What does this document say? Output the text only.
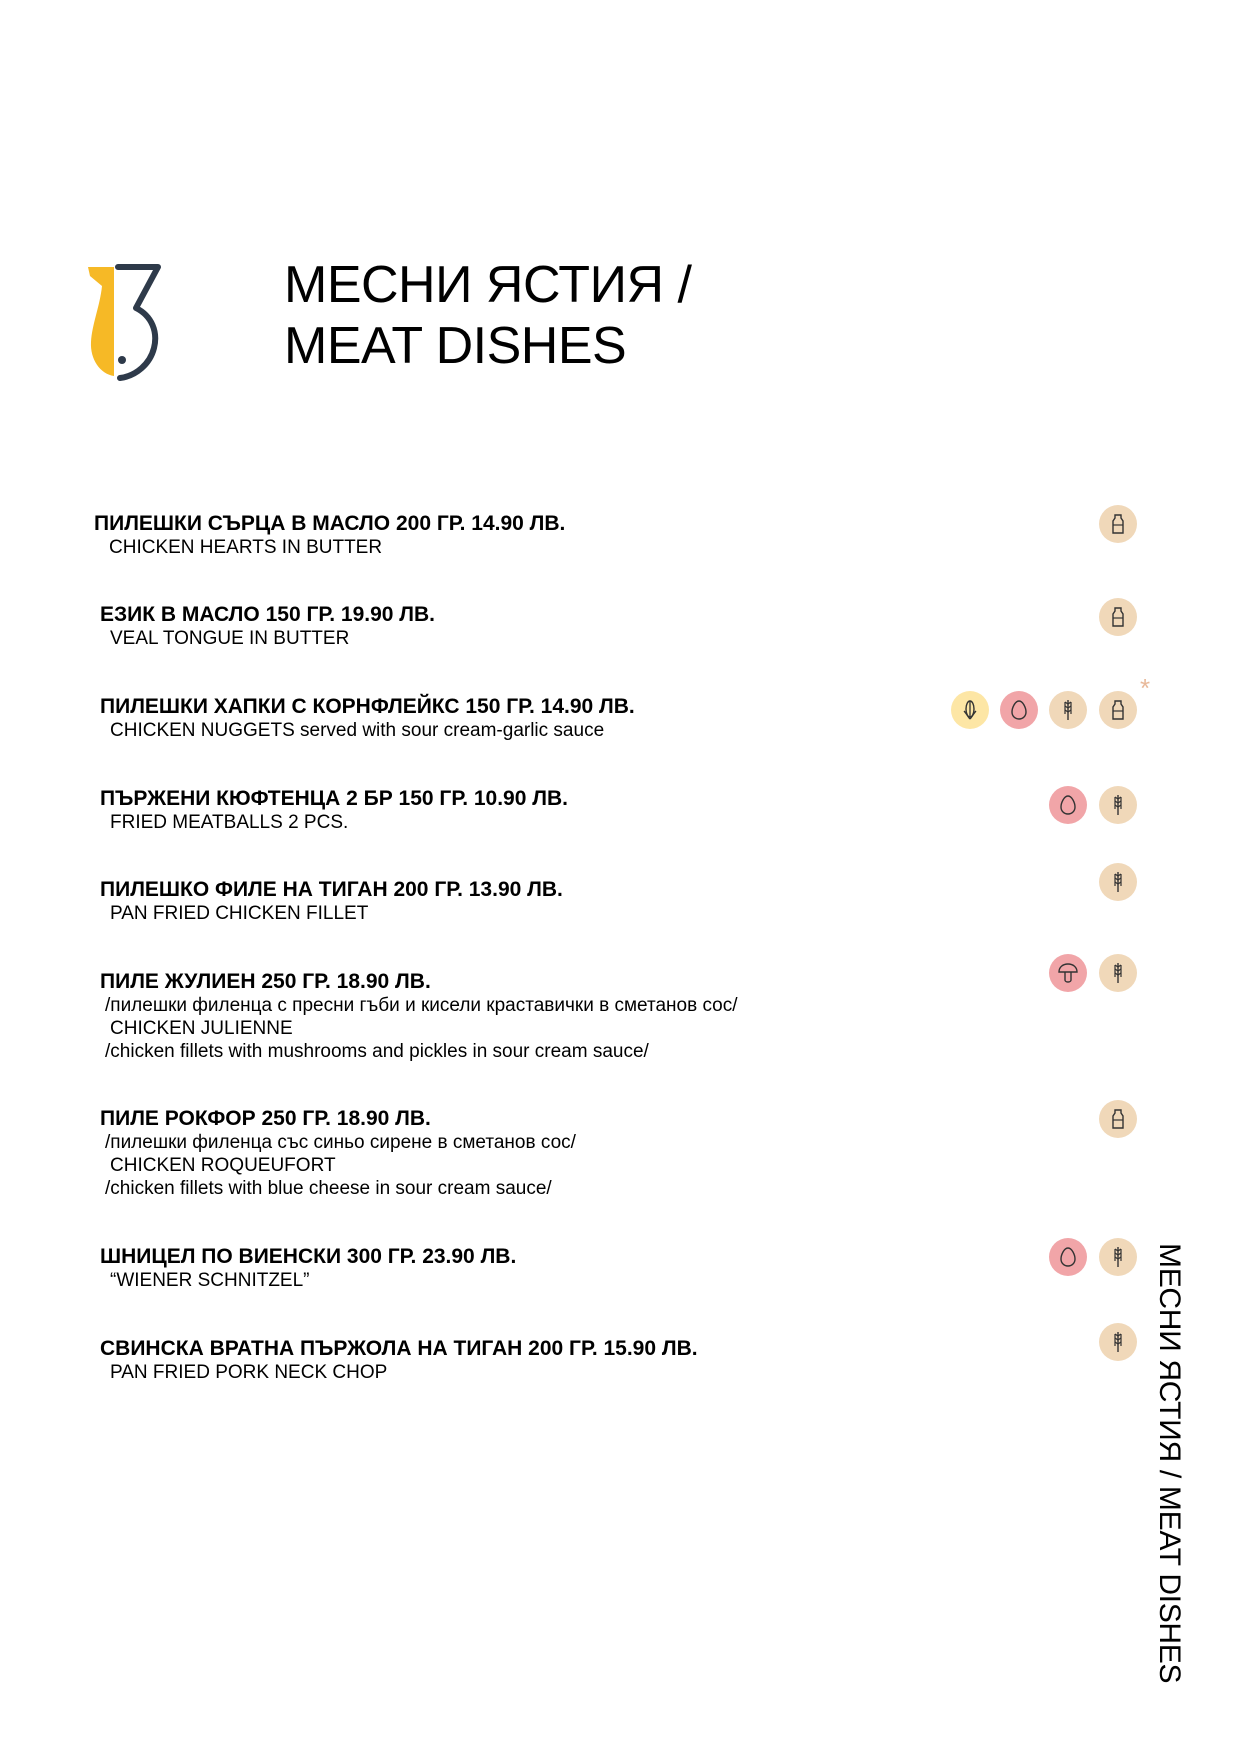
МЕСНИ ЯСТИЯ /
MEAT DISHES
МЕСНИ ЯСТИЯ / MEAT DISHES
ПИЛЕШКИ СЪРЦА В МАСЛО 200 ГР. 14.90 ЛВ.
CHICKEN HEARTS IN BUTTER
ЕЗИК В МАСЛО 150 ГР. 19.90 ЛВ.
VEAL TONGUE IN BUTTER
ПИЛЕШКИ ХАПКИ С КОРНФЛЕЙКС 150 ГР. 14.90 ЛВ.
CHICKEN NUGGETS served with sour cream-garlic sauce
ПЪРЖЕНИ КЮФТЕНЦА 2 БР 150 ГР. 10.90 ЛВ.
FRIED MEATBALLS 2 PCS.
ПИЛЕШКО ФИЛЕ НА ТИГАН 200 ГР. 13.90 ЛВ.
PAN FRIED CHICKEN FILLET
ПИЛЕ ЖУЛИЕН 250 ГР. 18.90 ЛВ.
/пилешки филенца с пресни гъби и кисели краставички в сметанов сос/
CHICKEN JULIENNE
/chicken fillets with mushrooms and pickles in sour cream sauce/
ПИЛЕ РОКФОР 250 ГР. 18.90 ЛВ.
/пилешки филенца със синьо сирене в сметанов сос/
CHICKEN ROQUEUFORT
/chicken fillets with blue cheese in sour cream sauce/
ШНИЦЕЛ ПО ВИЕНСКИ 300 ГР. 23.90 ЛВ.
“WIENER SCHNITZEL”
СВИНСКА ВРАТНА ПЪРЖОЛА НА ТИГАН 200 ГР. 15.90 ЛВ.
PAN FRIED PORK NECK CHOP
*
